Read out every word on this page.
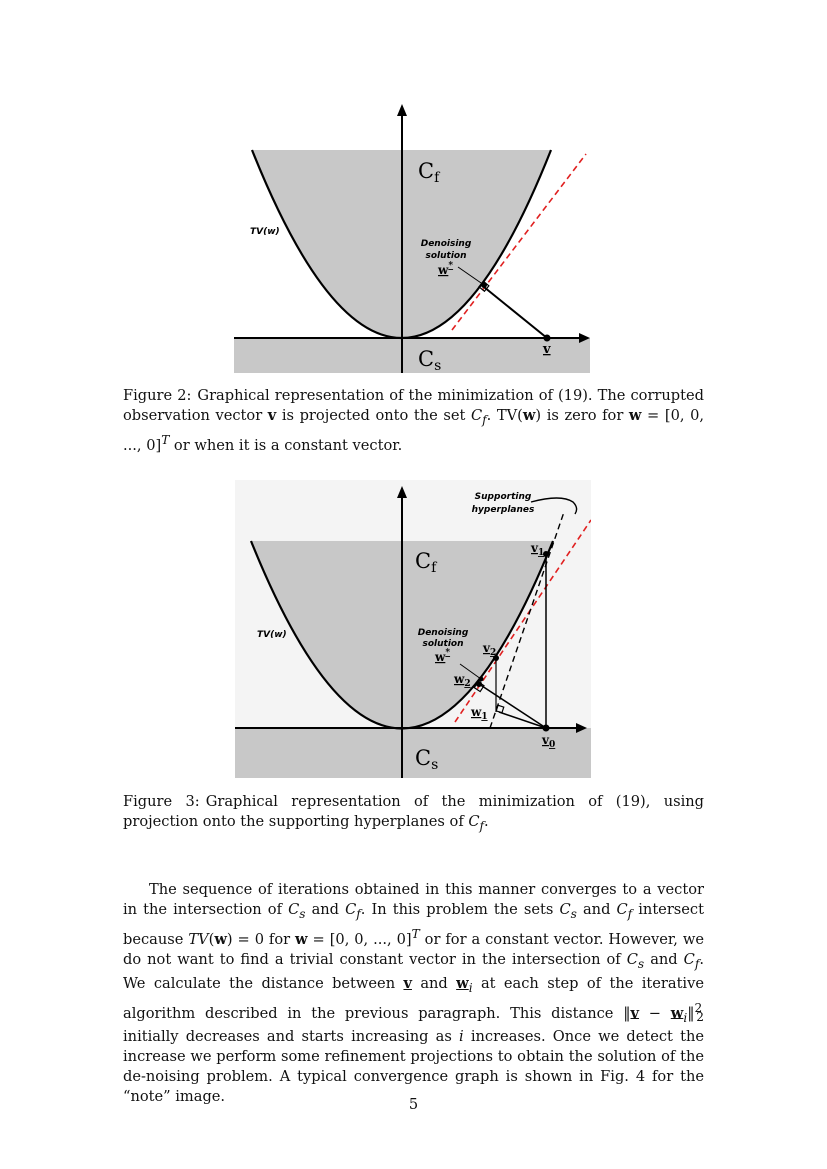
Cf
Cs
TV(w)
Denoising
solution
w*
v
Figure 2: Graphical representation of the minimization of (19). The corrupted observation vector v is projected onto the set $C_f$. TV(w) is zero for w = [0, 0, ..., 0]$^T$ or when it is a constant vector.
Supporting
hyperplanes
Cf
Cs
TV(w)	Denoising
solution
w*
$v_1$
$v_2$
$w_2$
$w_1$
$v_0$
Figure 3: Graphical representation of the minimization of (19), using projection onto the supporting hyperplanes of $C_f$.
The sequence of iterations obtained in this manner converges to a vector in the intersection of $C_s$ and $C_f$. In this problem the sets $C_s$ and $C_f$ intersect because TV(w) = 0 for w = [0, 0, ..., 0]$^T$ or for a constant vector. However, we do not want to find a trivial constant vector in the intersection of $C_s$ and $C_f$. We calculate the distance between v and $w_i$ at each step of the iterative algorithm described in the previous paragraph. This distance ‖v − $w_i‖^2_2$ initially decreases and starts increasing as i increases. Once we detect the increase we perform some refinement projections to obtain the solution of the de-noising problem. A typical convergence graph is shown in Fig. 4 for the “note” image.	5
